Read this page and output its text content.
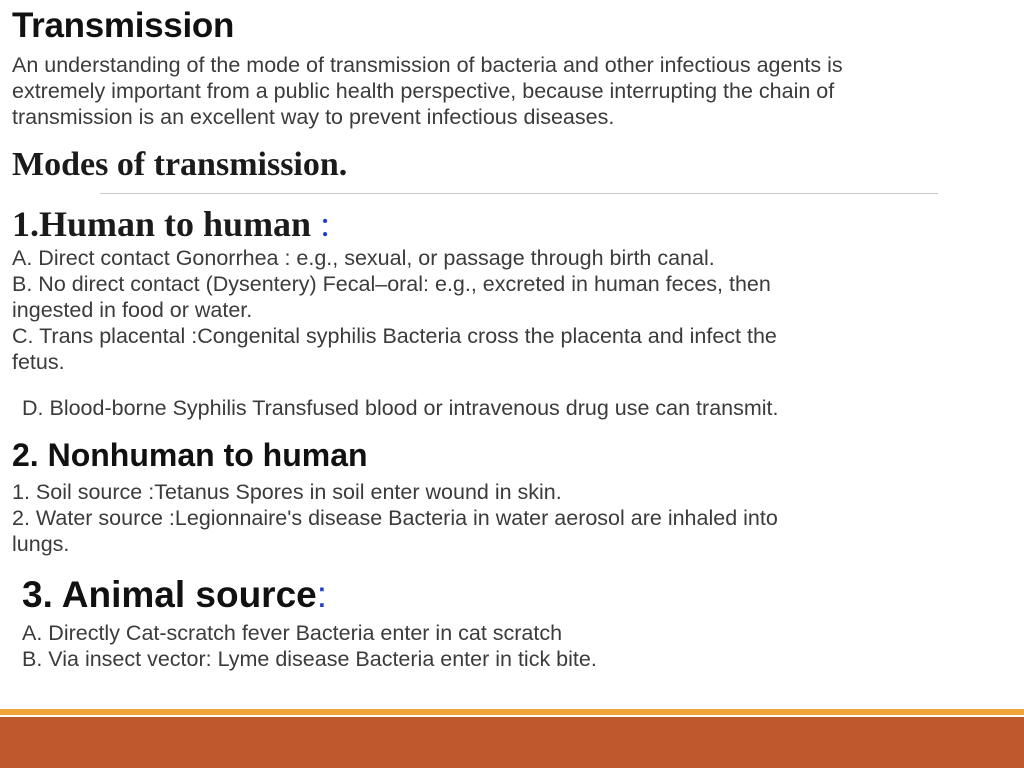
Transmission
An understanding of the mode of transmission of bacteria and other infectious agents is
extremely important from a public health perspective, because interrupting the chain of
transmission is an excellent way to prevent infectious diseases.
Modes of transmission.
1.Human to human :
A. Direct contact Gonorrhea : e.g., sexual, or passage through birth canal.
B. No direct contact (Dysentery) Fecal–oral: e.g., excreted in human feces, then
ingested in food or water.
C. Trans placental :Congenital syphilis Bacteria cross the placenta and infect the
fetus.
D. Blood-borne Syphilis Transfused blood or intravenous drug use can transmit.
2. Nonhuman to human
1. Soil source :Tetanus Spores in soil enter wound in skin.
2. Water source :Legionnaire's disease Bacteria in water aerosol are inhaled into
lungs.
3. Animal source:
A. Directly Cat-scratch fever Bacteria enter in cat scratch
B. Via insect vector: Lyme disease Bacteria enter in tick bite.
